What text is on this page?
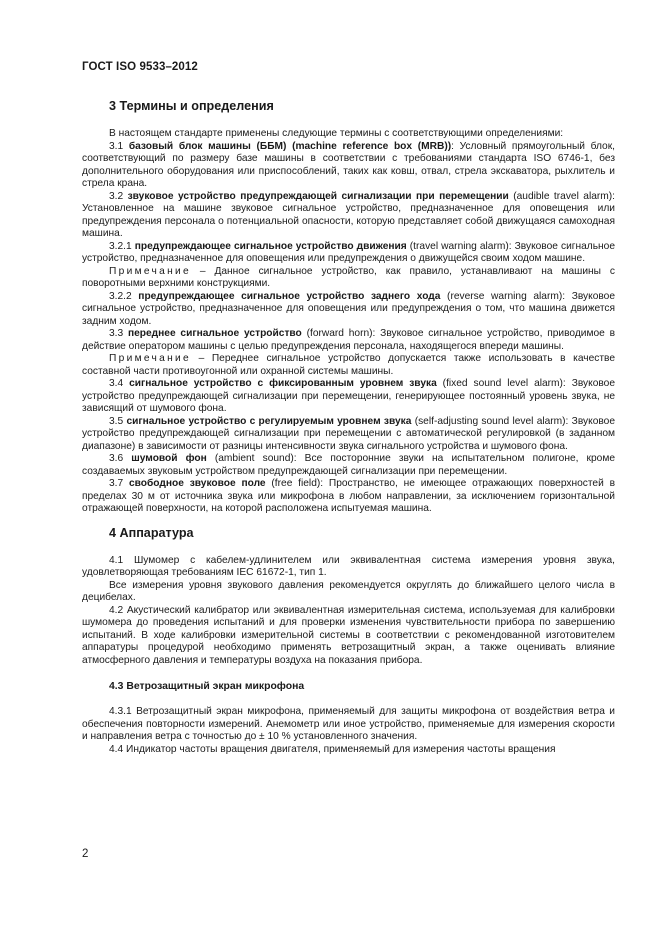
ГОСТ ISO 9533–2012
3 Термины и определения

В настоящем стандарте применены следующие термины с соответствующими определениями:

3.1 базовый блок машины (ББМ) (machine reference box (MRB)): Условный прямоугольный блок, соответствующий по размеру базе машины в соответствии с требованиями стандарта ISO 6746-1, без дополнительного оборудования или приспособлений, таких как ковш, отвал, стрела экскаватора, рыхлитель и стрела крана.

3.2 звуковое устройство предупреждающей сигнализации при перемещении (audible travel alarm): Установленное на машине звуковое сигнальное устройство, предназначенное для оповещения или предупреждения персонала о потенциальной опасности, которую представляет собой движущаяся самоходная машина.

3.2.1 предупреждающее сигнальное устройство движения (travel warning alarm): Звуковое сигнальное устройство, предназначенное для оповещения или предупреждения о движущейся своим ходом машине.

Примечание – Данное сигнальное устройство, как правило, устанавливают на машины с поворотными верхними конструкциями.

3.2.2 предупреждающее сигнальное устройство заднего хода (reverse warning alarm): Звуковое сигнальное устройство, предназначенное для оповещения или предупреждения о том, что машина движется задним ходом.

3.3 переднее сигнальное устройство (forward horn): Звуковое сигнальное устройство, приводимое в действие оператором машины с целью предупреждения персонала, находящегося впереди машины.

Примечание – Переднее сигнальное устройство допускается также использовать в качестве составной части противоугонной или охранной системы машины.

3.4 сигнальное устройство с фиксированным уровнем звука (fixed sound level alarm): Звуковое устройство предупреждающей сигнализации при перемещении, генерирующее постоянный уровень звука, не зависящий от шумового фона.

3.5 сигнальное устройство с регулируемым уровнем звука (self-adjusting sound level alarm): Звуковое устройство предупреждающей сигнализации при перемещении с автоматической регулировкой (в заданном диапазоне) в зависимости от разницы интенсивности звука сигнального устройства и шумового фона.

3.6 шумовой фон (ambient sound): Все посторонние звуки на испытательном полигоне, кроме создаваемых звуковым устройством предупреждающей сигнализации при перемещении.

3.7 свободное звуковое поле (free field): Пространство, не имеющее отражающих поверхностей в пределах 30 м от источника звука или микрофона в любом направлении, за исключением горизонтальной отражающей поверхности, на которой расположена испытуемая машина.

4 Аппаратура

4.1 Шумомер с кабелем-удлинителем или эквивалентная система измерения уровня звука, удовлетворяющая требованиям IEC 61672-1, тип 1.

Все измерения уровня звукового давления рекомендуется округлять до ближайшего целого числа в децибелах.

4.2 Акустический калибратор или эквивалентная измерительная система, используемая для калибровки шумомера до проведения испытаний и для проверки изменения чувствительности прибора по завершению испытаний. В ходе калибровки измерительной системы в соответствии с рекомендованной изготовителем аппаратуры процедурой необходимо применять ветрозащитный экран, а также оценивать влияние атмосферного давления и температуры воздуха на показания прибора.

4.3 Ветрозащитный экран микрофона

4.3.1 Ветрозащитный экран микрофона, применяемый для защиты микрофона от воздействия ветра и обеспечения повторности измерений. Анемометр или иное устройство, применяемые для измерения скорости и направления ветра с точностью до ± 10 % установленного значения.

4.4 Индикатор частоты вращения двигателя, применяемый для измерения частоты вращения

2
